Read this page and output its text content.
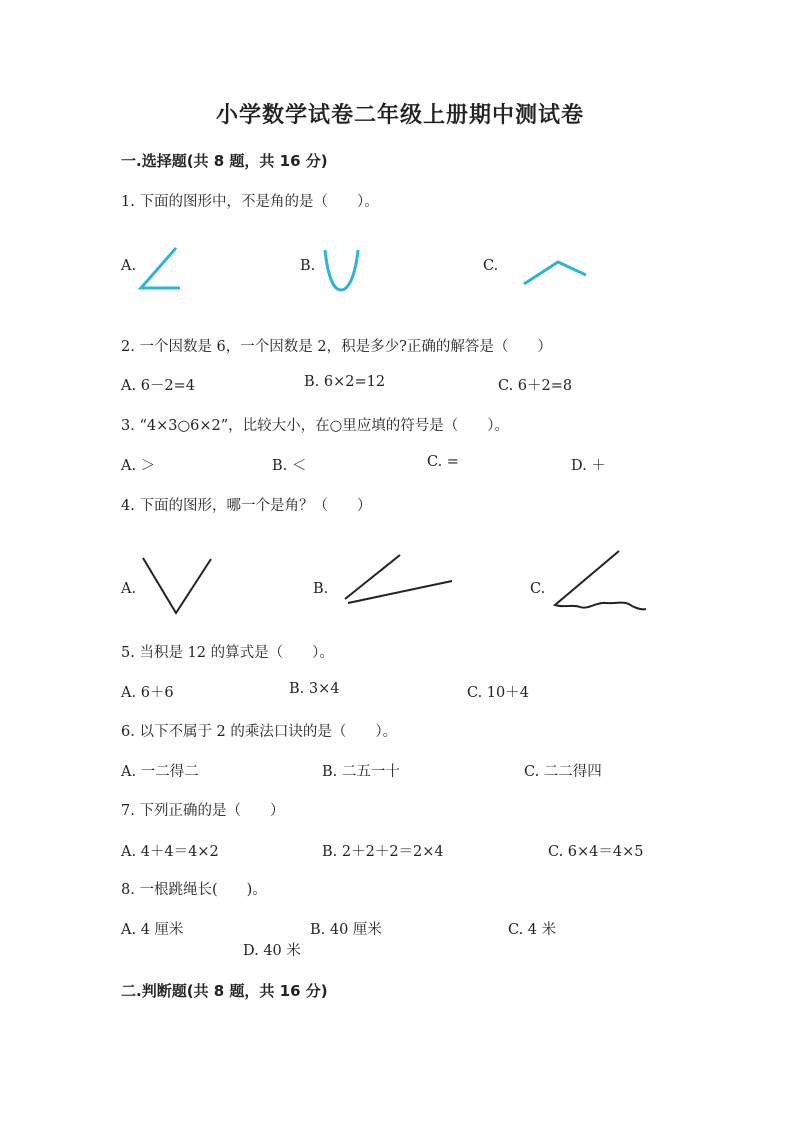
小学数学试卷二年级上册期中测试卷
一.选择题(共 8 题，共 16 分)
1. 下面的图形中，不是角的是（　　）。
A.	B.	C.
2. 一个因数是 6，一个因数是 2，积是多少?正确的解答是（　　）
A. 6－2=4	B. 6×2=12	C. 6＋2=8
3. “4×3○6×2”，比较大小，在○里应填的符号是（　　）。
A. ＞	B. ＜	C. =	D. ＋
4. 下面的图形，哪一个是角？（　　）
A.	B.	C.
5. 当积是 12 的算式是（　　）。
A. 6＋6	B. 3×4	C. 10＋4
6. 以下不属于 2 的乘法口诀的是（　　）。
A. 一二得二	B. 二五一十	C. 二二得四
7. 下列正确的是（　　）
A. 4＋4＝4×2	B. 2＋2＋2＝2×4	C. 6×4＝4×5
8. 一根跳绳长(　　)。
A. 4 厘米	B. 40 厘米	C. 4 米
D. 40 米
二.判断题(共 8 题，共 16 分)
